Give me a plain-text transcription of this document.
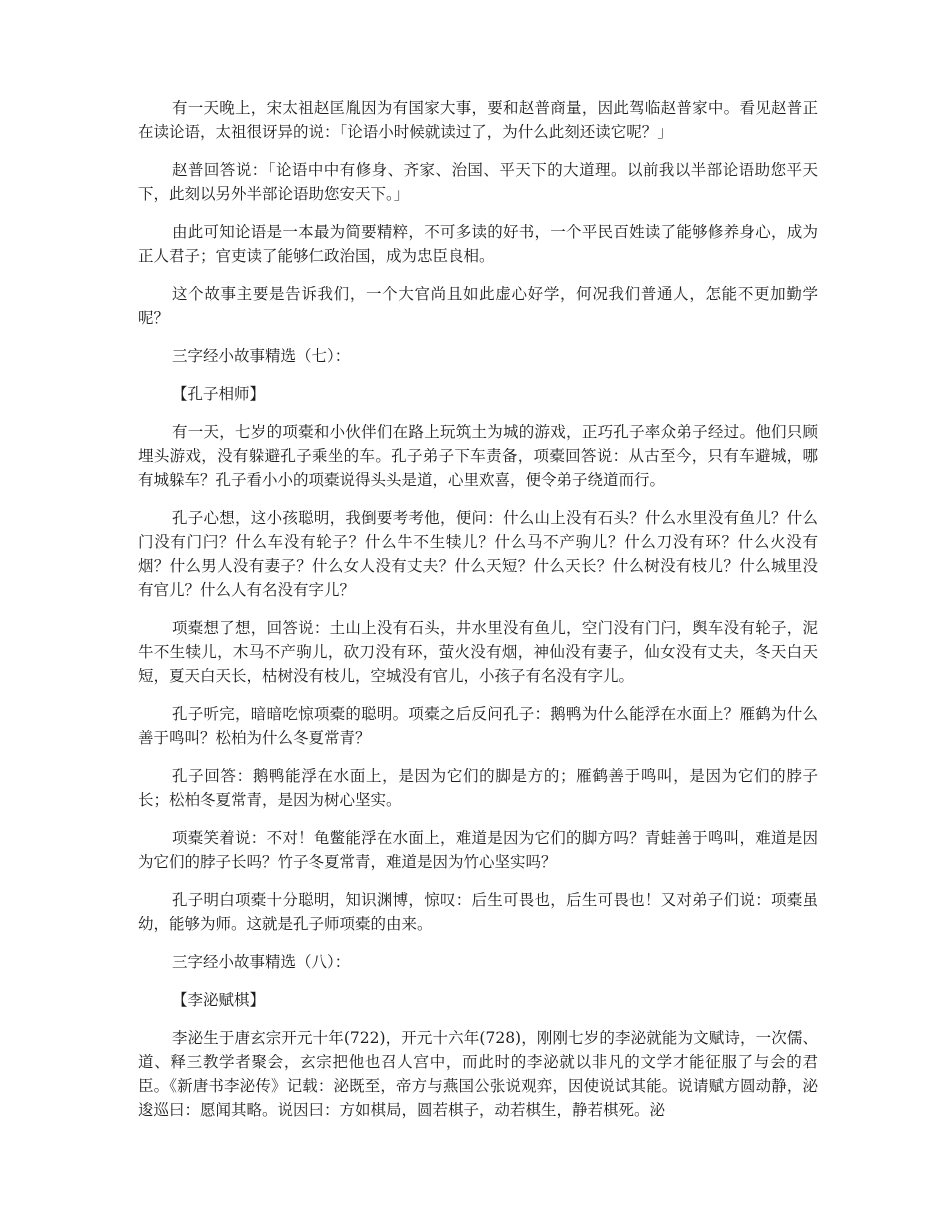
有一天晚上，宋太祖赵匡胤因为有国家大事，要和赵普商量，因此驾临赵普家中。看见赵普正在读论语，太祖很讶异的说：「论语小时候就读过了，为什么此刻还读它呢？」

赵普回答说：「论语中中有修身、齐家、治国、平天下的大道理。以前我以半部论语助您平天下，此刻以另外半部论语助您安天下。」

由此可知论语是一本最为简要精粹，不可多读的好书，一个平民百姓读了能够修养身心，成为正人君子；官吏读了能够仁政治国，成为忠臣良相。

这个故事主要是告诉我们，一个大官尚且如此虚心好学，何况我们普通人，怎能不更加勤学呢？

三字经小故事精选（七）：

【孔子相师】

有一天，七岁的项橐和小伙伴们在路上玩筑土为城的游戏，正巧孔子率众弟子经过。他们只顾埋头游戏，没有躲避孔子乘坐的车。孔子弟子下车责备，项橐回答说：从古至今，只有车避城，哪有城躲车？孔子看小小的项橐说得头头是道，心里欢喜，便令弟子绕道而行。

孔子心想，这小孩聪明，我倒要考考他，便问：什么山上没有石头？什么水里没有鱼儿？什么门没有门闩？什么车没有轮子？什么牛不生犊儿？什么马不产驹儿？什么刀没有环？什么火没有烟？什么男人没有妻子？什么女人没有丈夫？什么天短？什么天长？什么树没有枝儿？什么城里没有官儿？什么人有名没有字儿？

项橐想了想，回答说：土山上没有石头，井水里没有鱼儿，空门没有门闩，舆车没有轮子，泥牛不生犊儿，木马不产驹儿，砍刀没有环，萤火没有烟，神仙没有妻子，仙女没有丈夫，冬天白天短，夏天白天长，枯树没有枝儿，空城没有官儿，小孩子有名没有字儿。

孔子听完，暗暗吃惊项橐的聪明。项橐之后反问孔子：鹅鸭为什么能浮在水面上？雁鹤为什么善于鸣叫？松柏为什么冬夏常青？

孔子回答：鹅鸭能浮在水面上，是因为它们的脚是方的；雁鹤善于鸣叫，是因为它们的脖子长；松柏冬夏常青，是因为树心坚实。

项橐笑着说：不对！龟鳖能浮在水面上，难道是因为它们的脚方吗？青蛙善于鸣叫，难道是因为它们的脖子长吗？竹子冬夏常青，难道是因为竹心坚实吗？

孔子明白项橐十分聪明，知识渊博，惊叹：后生可畏也，后生可畏也！又对弟子们说：项橐虽幼，能够为师。这就是孔子师项橐的由来。

三字经小故事精选（八）：

【李泌赋棋】

李泌生于唐玄宗开元十年(722)，开元十六年(728)，刚刚七岁的李泌就能为文赋诗，一次儒、道、释三教学者聚会，玄宗把他也召人宫中，而此时的李泌就以非凡的文学才能征服了与会的君臣。《新唐书李泌传》记载：泌既至，帝方与燕国公张说观弈，因使说试其能。说请赋方圆动静，泌逡巡曰：愿闻其略。说因曰：方如棋局，圆若棋子，动若棋生，静若棋死。泌
